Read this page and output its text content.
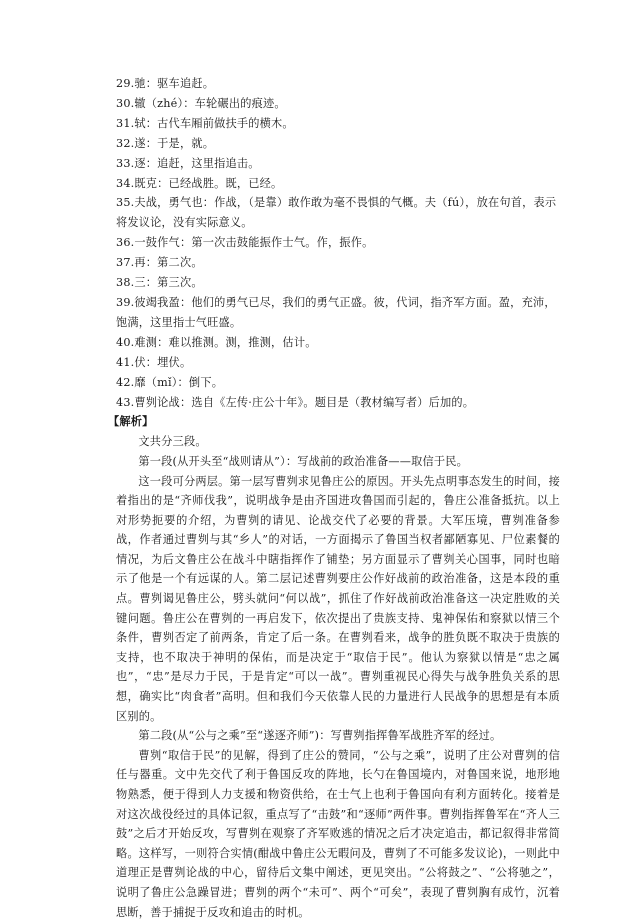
29.驰：驱车追赶。
30.辙（zhé）：车轮碾出的痕迹。
31.轼：古代车厢前做扶手的横木。
32.遂：于是，就。
33.逐：追赶，这里指追击。
34.既克：已经战胜。既，已经。
35.夫战，勇气也：作战，（是靠）敢作敢为毫不畏惧的气概。夫（fú），放在句首，表示将发议论，没有实际意义。
36.一鼓作气：第一次击鼓能振作士气。作，振作。
37.再：第二次。
38.三：第三次。
39.彼竭我盈：他们的勇气已尽，我们的勇气正盛。彼，代词，指齐军方面。盈，充沛，饱满，这里指士气旺盛。
40.难测：难以推测。测，推测，估计。
41.伏：埋伏。
42.靡（mǐ）：倒下。
43.曹刿论战：选自《左传·庄公十年》。题目是（教材编写者）后加的。
【解析】

文共分三段。

第一段(从开头至“战则请从”）：写战前的政治准备——取信于民。

这一段可分两层。第一层写曹刿求见鲁庄公的原因。开头先点明事态发生的时间，接着指出的是“齐师伐我”，说明战争是由齐国进攻鲁国而引起的，鲁庄公准备抵抗。以上对形势扼要的介绍，为曹刿的请见、论战交代了必要的背景。大军压境，曹刿准备参战，作者通过曹刿与其“乡人”的对话，一方面揭示了鲁国当权者鄙陋寡见、尸位素餐的情况，为后文鲁庄公在战斗中瞎指挥作了铺垫；另方面显示了曹刿关心国事，同时也暗示了他是一个有远谋的人。第二层记述曹刿要庄公作好战前的政治准备，这是本段的重点。曹刿谒见鲁庄公，劈头就问“何以战”，抓住了作好战前政治准备这一决定胜败的关键问题。鲁庄公在曹刿的一再启发下，依次提出了贵族支持、鬼神保佑和察狱以情三个条件，曹刿否定了前两条，肯定了后一条。在曹刿看来，战争的胜负既不取决于贵族的支持，也不取决于神明的保佑，而是决定于“取信于民”。他认为察狱以情是“忠之属也”，“忠”是尽力于民，于是肯定“可以一战”。曹刿重视民心得失与战争胜负关系的思想，确实比“肉食者”高明。但和我们今天依靠人民的力量进行人民战争的思想是有本质区别的。

第二段(从“公与之乘”至“遂逐齐师”)：写曹刿指挥鲁军战胜齐军的经过。

曹刿“取信于民”的见解，得到了庄公的赞同，“公与之乘”，说明了庄公对曹刿的信任与器重。文中先交代了利于鲁国反攻的阵地，长勺在鲁国境内，对鲁国来说，地形地物熟悉，便于得到人力支援和物资供给，在士气上也利于鲁国向有利方面转化。接着是对这次战役经过的具体记叙，重点写了“击鼓”和“逐师”两件事。曹刿指挥鲁军在“齐人三鼓”之后才开始反攻，写曹刿在观察了齐军败逃的情况之后才决定追击，都记叙得非常简略。这样写，一则符合实情(酣战中鲁庄公无暇问及，曹刿了不可能多发议论)，一则此中道理正是曹刿论战的中心，留待后文集中阐述，更见突出。“公将鼓之”、“公将驰之”，说明了鲁庄公急躁冒进；曹刿的两个“未可”、两个“可矣”，表现了曹刿胸有成竹，沉着思断，善于捕捉于反攻和追击的时机。
